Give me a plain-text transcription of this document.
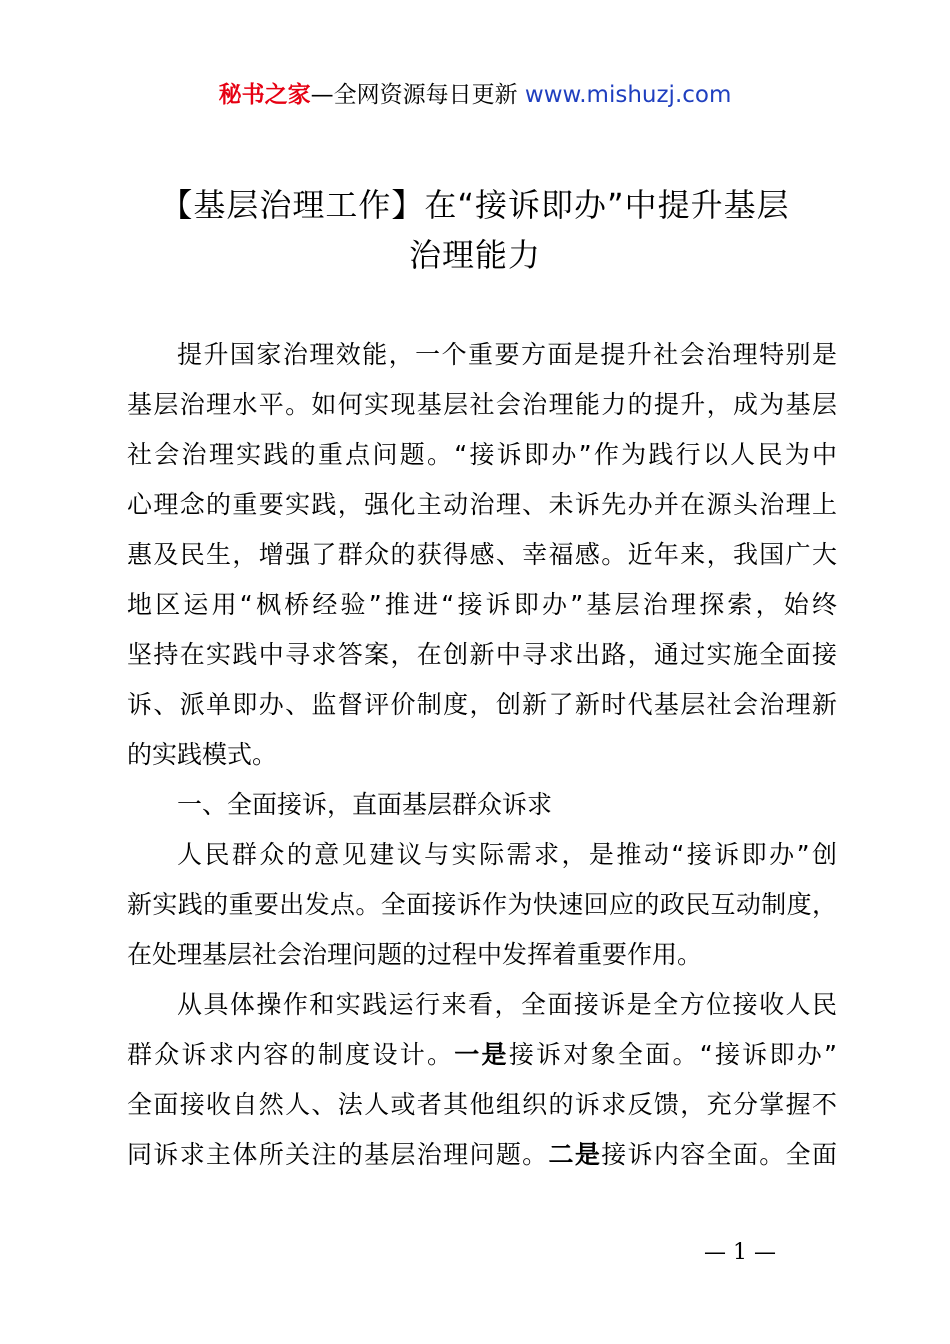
秘书之家—全网资源每日更新 www.mishuzj.com
【基层治理工作】在“接诉即办”中提升基层
治理能力
提升国家治理效能，一个重要方面是提升社会治理特别是
基层治理水平。如何实现基层社会治理能力的提升，成为基层
社会治理实践的重点问题。“接诉即办”作为践行以人民为中
心理念的重要实践，强化主动治理、未诉先办并在源头治理上
惠及民生，增强了群众的获得感、幸福感。近年来，我国广大
地区运用“枫桥经验”推进“接诉即办”基层治理探索，始终
坚持在实践中寻求答案，在创新中寻求出路，通过实施全面接
诉、派单即办、监督评价制度，创新了新时代基层社会治理新
的实践模式。
一、全面接诉，直面基层群众诉求
人民群众的意见建议与实际需求，是推动“接诉即办”创
新实践的重要出发点。全面接诉作为快速回应的政民互动制度，
在处理基层社会治理问题的过程中发挥着重要作用。
从具体操作和实践运行来看，全面接诉是全方位接收人民
群众诉求内容的制度设计。一是接诉对象全面。“接诉即办”
全面接收自然人、法人或者其他组织的诉求反馈，充分掌握不
同诉求主体所关注的基层治理问题。二是接诉内容全面。全面
— 1 —
